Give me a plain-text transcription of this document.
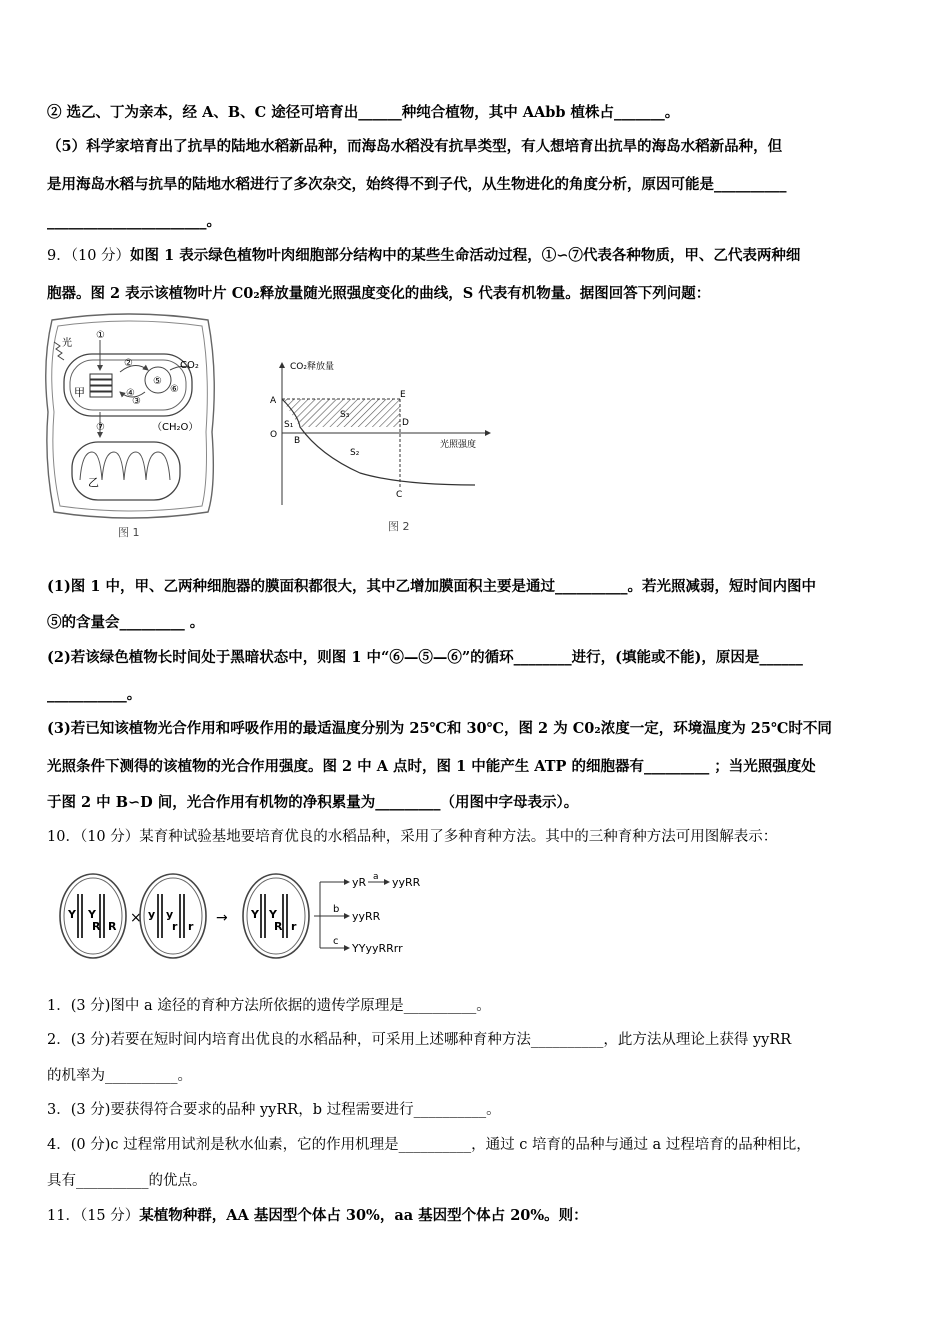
② 选乙、丁为亲本，经 A、B、C 途径可培育出______种纯合植物，其中 AAbb 植株占_______。
（5）科学家培育出了抗旱的陆地水稻新品种，而海岛水稻没有抗旱类型，有人想培育出抗旱的海岛水稻新品种，但
是用海岛水稻与抗旱的陆地水稻进行了多次杂交，始终得不到子代，从生物进化的角度分析，原因可能是__________
______________________。
9．（10 分）如图 1 表示绿色植物叶肉细胞部分结构中的某些生命活动过程，①∽⑦代表各种物质，甲、乙代表两种细
胞器。图 2 表示该植物叶片 C0₂释放量随光照强度变化的曲线，S 代表有机物量。据图回答下列问题：
光
①
②
③
④
⑤
⑥
⑦
CO₂
甲
乙
（CH₂O）
图 1
CO₂释放量
光照强度
A
O
B
C
D
E
S₁
S₂
S₃
图 2
(1)图 1 中，甲、乙两种细胞器的膜面积都很大，其中乙增加膜面积主要是通过__________。若光照减弱，短时间内图中
⑤的含量会_________ 。
(2)若该绿色植物长时间处于黑暗状态中，则图 1 中“⑥—⑤—⑥”的循环________进行，(填能或不能)，原因是______
___________。
(3)若已知该植物光合作用和呼吸作用的最适温度分别为 25℃和 30℃，图 2 为 C0₂浓度一定，环境温度为 25℃时不同
光照条件下测得的该植物的光合作用强度。图 2 中 A 点时，图 1 中能产生 ATP 的细胞器有_________ ；当光照强度处
于图 2 中 B∽D 间，光合作用有机物的净积累量为_________（用图中字母表示）。
10．（10 分）某育种试验基地要培育优良的水稻品种，采用了多种育种方法。其中的三种育种方法可用图解表示：
Y Y
R R
× y y
r r
→ Y Y
R r
b
c
yR a yyRR
yyRR
YYyyRRrr
1．(3 分)图中 a 途径的育种方法所依据的遗传学原理是__________。
2．(3 分)若要在短时间内培育出优良的水稻品种，可采用上述哪种育种方法__________，此方法从理论上获得 yyRR
的机率为__________。
3．(3 分)要获得符合要求的品种 yyRR，b 过程需要进行__________。
4．(0 分)c 过程常用试剂是秋水仙素，它的作用机理是__________，通过 c 培育的品种与通过 a 过程培育的品种相比，
具有__________的优点。
11．（15 分）某植物种群，AA 基因型个体占 30%，aa 基因型个体占 20%。则：
